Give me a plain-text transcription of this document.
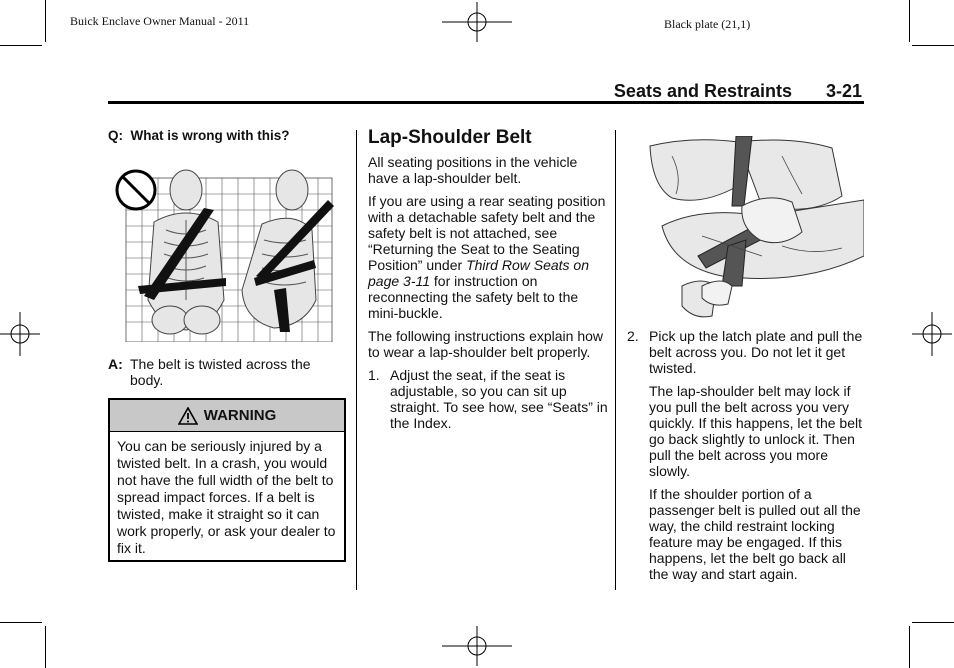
Buick Enclave Owner Manual - 2011	Black plate (21,1)
Seats and Restraints 3-21
Q: What is wrong with this?
A: The belt is twisted across the body.
WARNING
You can be seriously injured by a twisted belt. In a crash, you would not have the full width of the belt to spread impact forces. If a belt is twisted, make it straight so it can work properly, or ask your dealer to fix it.
Lap-Shoulder Belt

All seating positions in the vehicle have a lap-shoulder belt.

If you are using a rear seating position with a detachable safety belt and the safety belt is not attached, see “Returning the Seat to the Seating Position” under Third Row Seats on page 3-11 for instruction on reconnecting the safety belt to the mini-buckle.

The following instructions explain how to wear a lap-shoulder belt properly.

1. Adjust the seat, if the seat is adjustable, so you can sit up straight. To see how, see “Seats” in the Index.
2. Pick up the latch plate and pull the belt across you. Do not let it get twisted.

The lap-shoulder belt may lock if you pull the belt across you very quickly. If this happens, let the belt go back slightly to unlock it. Then pull the belt across you more slowly.

If the shoulder portion of a passenger belt is pulled out all the way, the child restraint locking feature may be engaged. If this happens, let the belt go back all the way and start again.
